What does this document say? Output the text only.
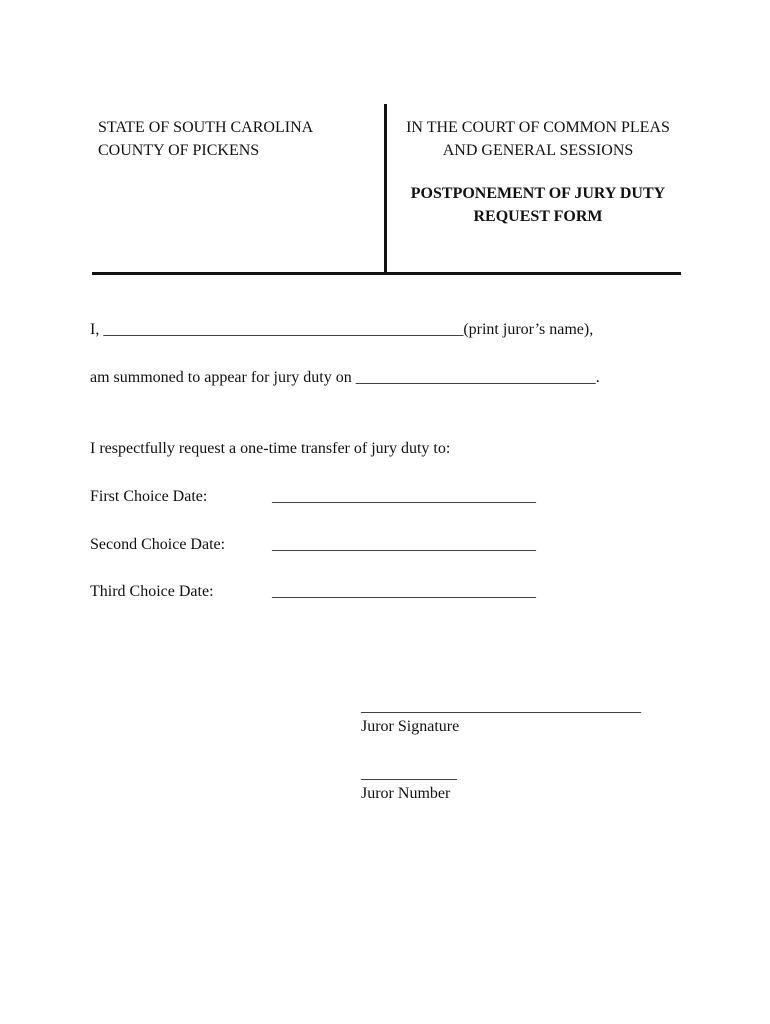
STATE OF SOUTH CAROLINA
COUNTY OF PICKENS
IN THE COURT OF COMMON PLEAS
AND GENERAL SESSIONS
POSTPONEMENT OF JURY DUTY
REQUEST FORM
I, _____________________________________________(print juror’s name),
am summoned to appear for jury duty on ______________________________.
I respectfully request a one-time transfer of jury duty to:
First Choice Date:	_________________________________
Second Choice Date:	_________________________________
Third Choice Date:	_________________________________
___________________________________
Juror Signature
____________
Juror Number
